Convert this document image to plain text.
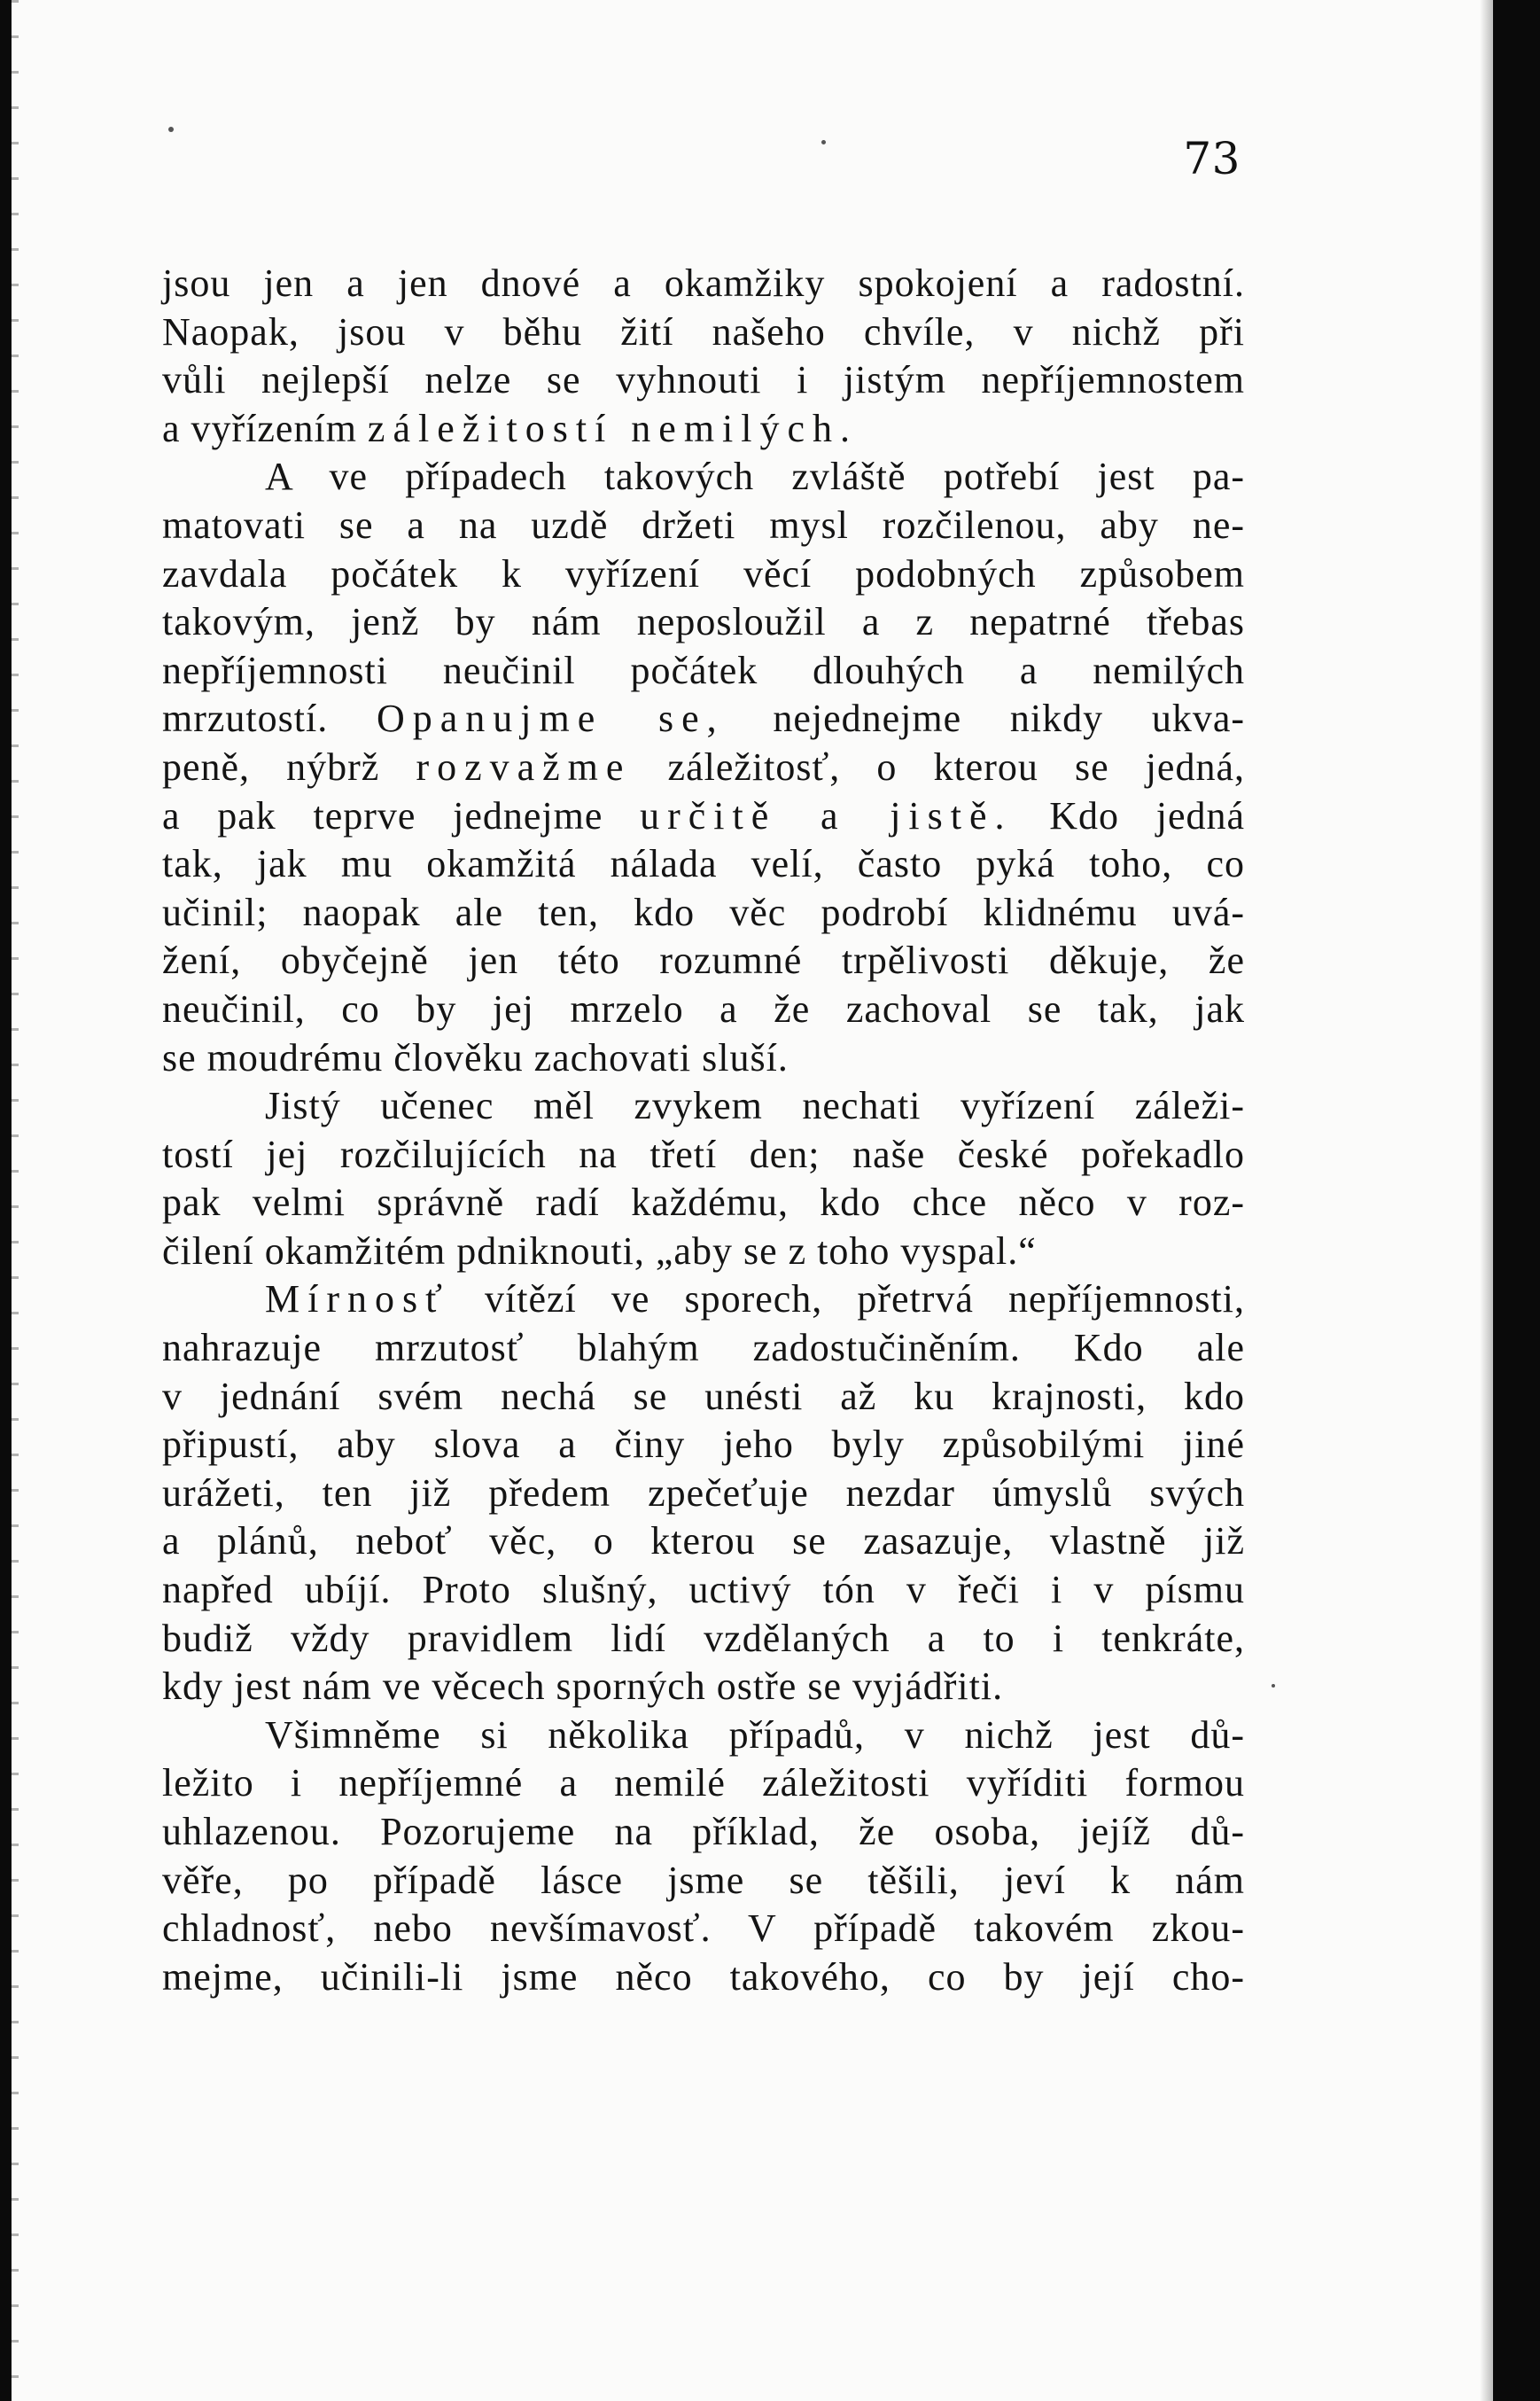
73
jsou jen a jen dnové a okamžiky spokojení a radostní.
Naopak, jsou v běhu žití našeho chvíle, v nichž při
vůli nejlepší nelze se vyhnouti i jistým nepříjemnostem
a vyřízením záležitostí nemilých.
A ve případech takových zvláště potřebí jest pa-
matovati se a na uzdě držeti mysl rozčilenou, aby ne-
zavdala počátek k vyřízení věcí podobných způsobem
takovým, jenž by nám neposloužil a z nepatrné třebas
nepříjemnosti neučinil počátek dlouhých a nemilých
mrzutostí. Opanujme se, nejednejme nikdy ukva-
peně, nýbrž rozvažme záležitosť, o kterou se jedná,
a pak teprve jednejme určitě a jistě. Kdo jedná
tak, jak mu okamžitá nálada velí, často pyká toho, co
učinil; naopak ale ten, kdo věc podrobí klidnému uvá-
žení, obyčejně jen této rozumné trpělivosti děkuje, že
neučinil, co by jej mrzelo a že zachoval se tak, jak
se moudrému člověku zachovati sluší.
Jistý učenec měl zvykem nechati vyřízení záleži-
tostí jej rozčilujících na třetí den; naše české pořekadlo
pak velmi správně radí každému, kdo chce něco v roz-
čilení okamžitém pdniknouti, „aby se z toho vyspal.“
Mírnosť vítězí ve sporech, přetrvá nepříjemnosti,
nahrazuje mrzutosť blahým zadostučiněním. Kdo ale
v jednání svém nechá se unésti až ku krajnosti, kdo
připustí, aby slova a činy jeho byly způsobilými jiné
urážeti, ten již předem zpečeťuje nezdar úmyslů svých
a plánů, neboť věc, o kterou se zasazuje, vlastně již
napřed ubíjí. Proto slušný, uctivý tón v řeči i v písmu
budiž vždy pravidlem lidí vzdělaných a to i tenkráte,
kdy jest nám ve věcech sporných ostře se vyjádřiti.
Všimněme si několika případů, v nichž jest dů-
ležito i nepříjemné a nemilé záležitosti vyříditi formou
uhlazenou. Pozorujeme na příklad, že osoba, jejíž dů-
věře, po případě lásce jsme se těšili, jeví k nám
chladnosť, nebo nevšímavosť. V případě takovém zkou-
mejme, učinili-li jsme něco takového, co by její cho-
